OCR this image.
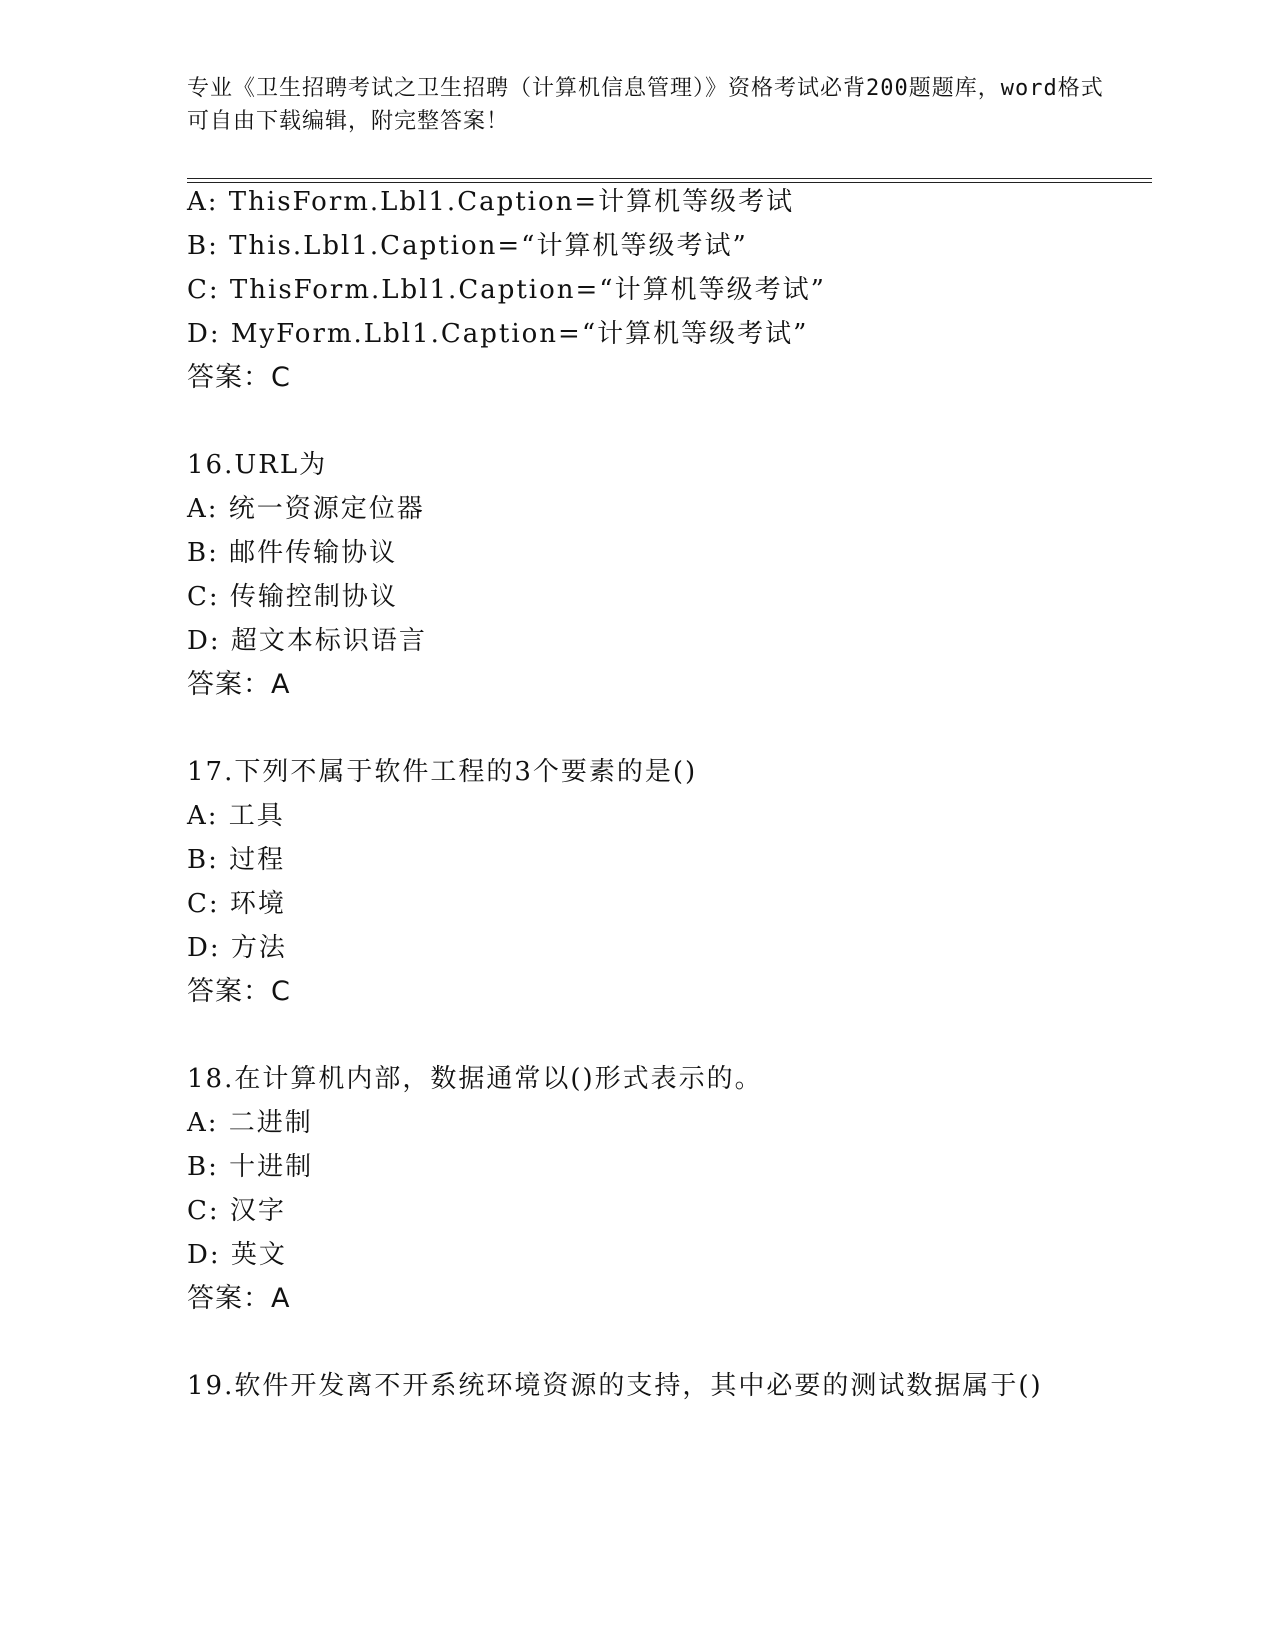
专业《卫生招聘考试之卫生招聘（计算机信息管理）》资格考试必背200题题库，word格式可自由下载编辑，附完整答案！
A: ThisForm.Lbl1.Caption=计算机等级考试
B: This.Lbl1.Caption=“计算机等级考试”
C: ThisForm.Lbl1.Caption=“计算机等级考试”
D: MyForm.Lbl1.Caption=“计算机等级考试”
答案：C
16.URL为
A: 统一资源定位器
B: 邮件传输协议
C: 传输控制协议
D: 超文本标识语言
答案：A
17.下列不属于软件工程的3个要素的是()
A: 工具
B: 过程
C: 环境
D: 方法
答案：C
18.在计算机内部，数据通常以()形式表示的。
A: 二进制
B: 十进制
C: 汉字
D: 英文
答案：A
19.软件开发离不开系统环境资源的支持，其中必要的测试数据属于()
